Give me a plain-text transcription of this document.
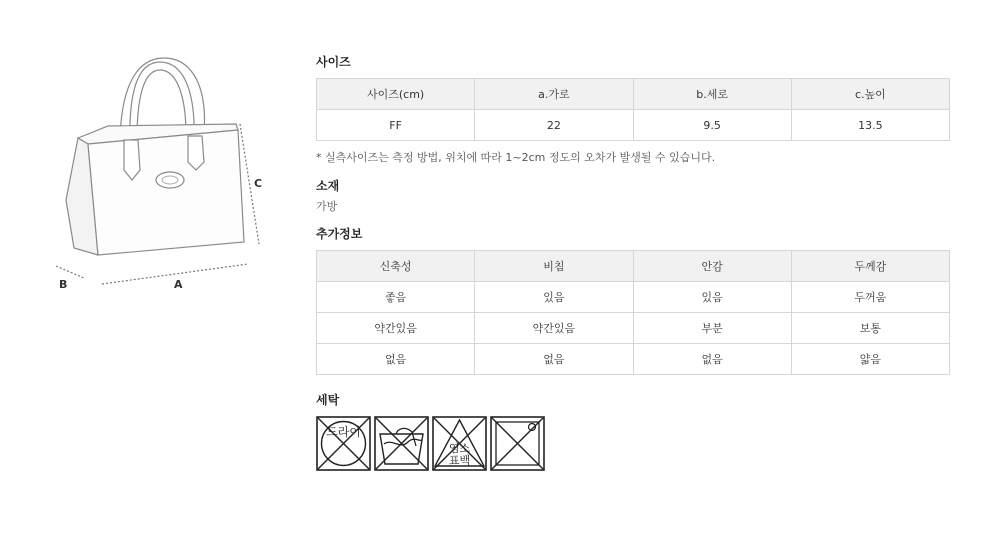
C
A
B
사이즈
사이즈(cm)	a.가로	b.세로	c.높이
FF	22	9.5	13.5
* 실측사이즈는 측정 방법, 위치에 따라 1~2cm 정도의 오차가 발생될 수 있습니다.
소재
가방
추가정보
신축성	비침	안감	두께감
좋음	있음	있음	두꺼움
약간있음	약간있음	부분	보통
없음	없음	없음	얇음
세탁
드라이
염소
표백
